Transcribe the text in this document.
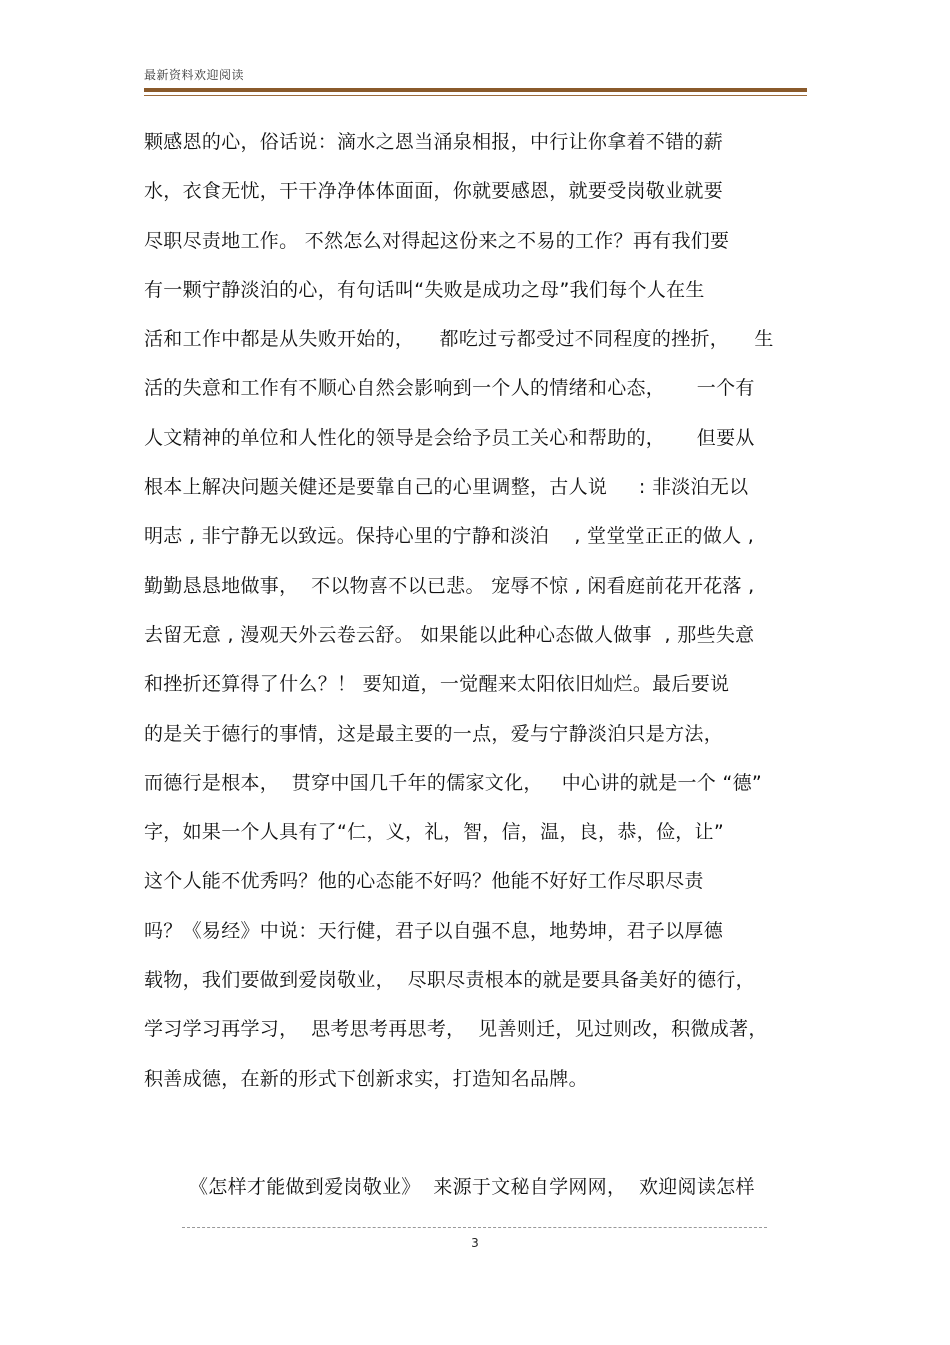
最新资料欢迎阅读
颗感恩的心，俗话说：滴水之恩当涌泉相报，中行让你拿着不错的薪
水，衣食无忧，干干净净体体面面，你就要感恩，就要受岗敬业就要
尽职尽责地工作。 不然怎么对得起这份来之不易的工作？再有我们要
有一颗宁静淡泊的心，有句话叫“失败是成功之母”我们每个人在生
活和工作中都是从失败开始的，    都吃过亏都受过不同程度的挫折，    生
活的失意和工作有不顺心自然会影响到一个人的情绪和心态，     一个有
人文精神的单位和人性化的领导是会给予员工关心和帮助的，     但要从
根本上解决问题关健还是要靠自己的心里调整，古人说     : 非淡泊无以
明志 , 非宁静无以致远。保持心里的宁静和淡泊    , 堂堂堂正正的做人 ,
勤勤恳恳地做事，  不以物喜不以已悲。 宠辱不惊 , 闲看庭前花开花落 ,
去留无意 , 漫观天外云卷云舒。 如果能以此种心态做人做事  , 那些失意
和挫折还算得了什么？！ 要知道，一觉醒来太阳依旧灿烂。最后要说
的是关于德行的事情，这是最主要的一点，爱与宁静淡泊只是方法，
而德行是根本，  贯穿中国几千年的儒家文化，   中心讲的就是一个 “德”
字，如果一个人具有了“仁，义，礼，智，信，温，良，恭，俭，让”
这个人能不优秀吗？他的心态能不好吗？他能不好好工作尽职尽责
吗？《易经》中说：天行健，君子以自强不息，地势坤，君子以厚德
载物，我们要做到爱岗敬业，  尽职尽责根本的就是要具备美好的德行，
学习学习再学习，  思考思考再思考，  见善则迁，见过则改，积微成著，
积善成德，在新的形式下创新求实，打造知名品牌。
《怎样才能做到爱岗敬业》  来源于文秘自学网网，  欢迎阅读怎样
3
